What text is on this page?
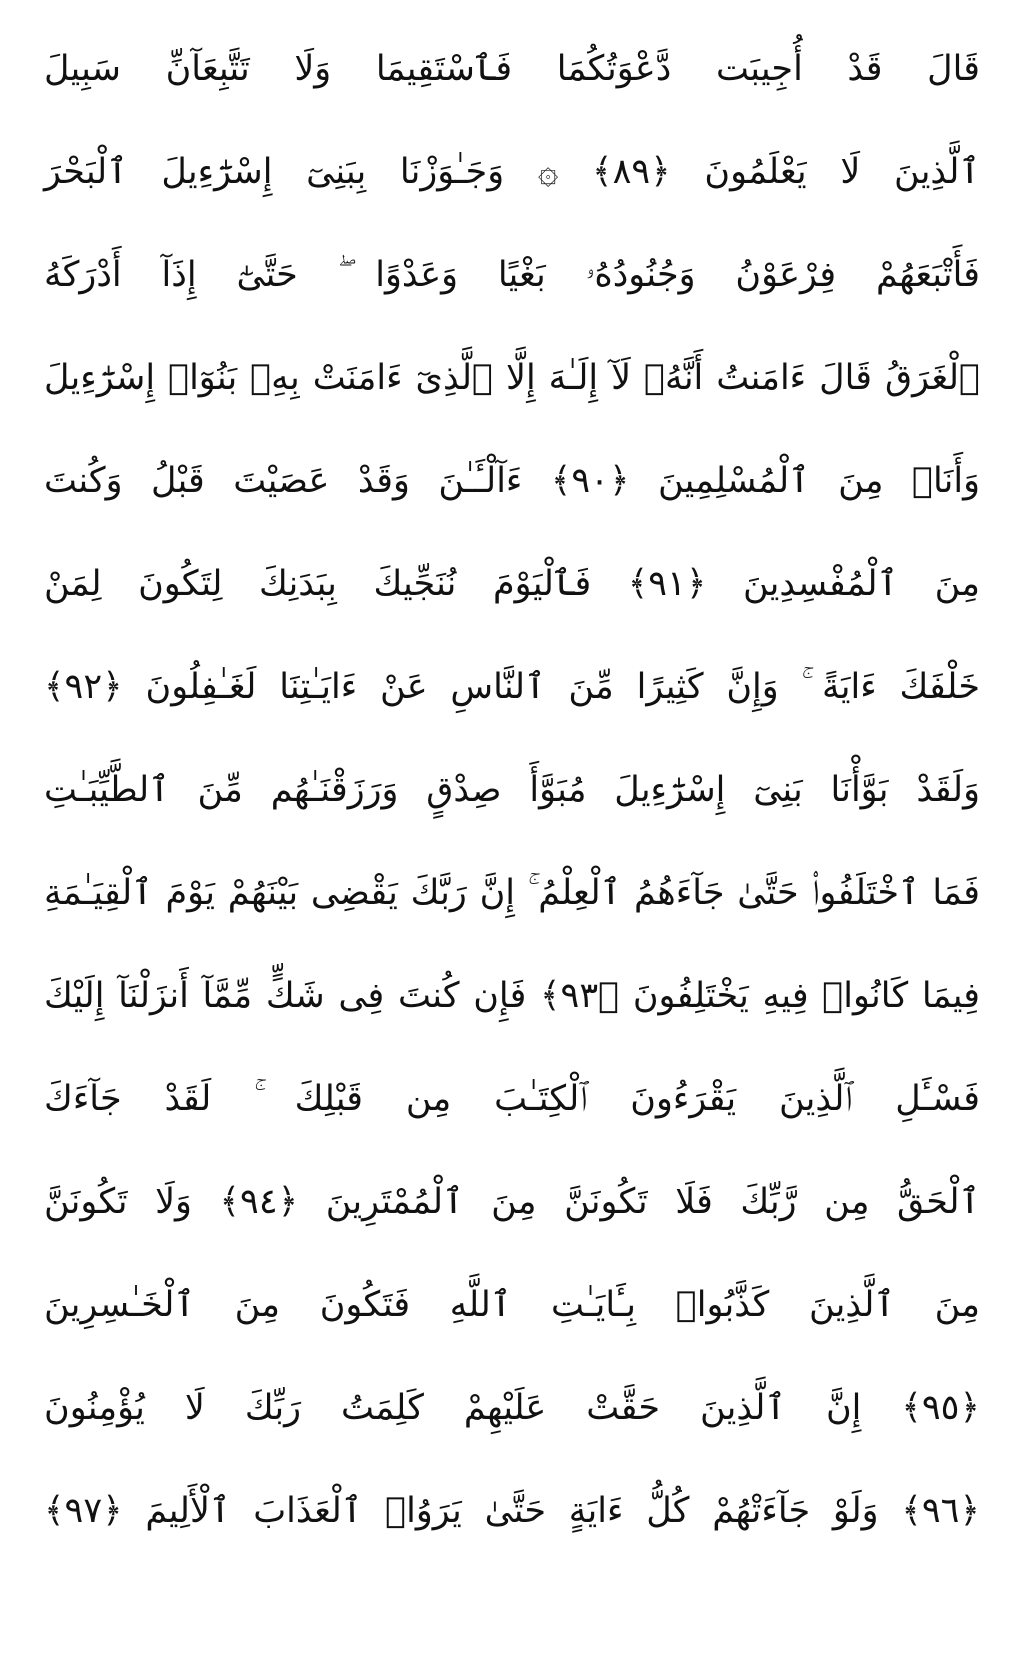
قَالَ قَدْ أُجِيبَت دَّعْوَتُكُمَا فَٱسْتَقِيمَا وَلَا تَتَّبِعَآنِّ سَبِيلَ
ٱلَّذِينَ لَا يَعْلَمُونَ ﴿٨٩﴾ ۞ وَجَـٰوَزْنَا بِبَنِىٓ إِسْرَٰٓءِيلَ ٱلْبَحْرَ
فَأَتْبَعَهُمْ فِرْعَوْنُ وَجُنُودُهُۥ بَغْيًا وَعَدْوًا ۖ حَتَّىٰٓ إِذَآ أَدْرَكَهُ
ٱلْغَرَقُ قَالَ ءَامَنتُ أَنَّهُۥ لَآ إِلَـٰهَ إِلَّا ٱلَّذِىٓ ءَامَنَتْ بِهِۦ بَنُوٓا۟ إِسْرَٰٓءِيلَ
وَأَنَا۠ مِنَ ٱلْمُسْلِمِينَ ﴿٩٠﴾ ءَآلْـَٔـٰنَ وَقَدْ عَصَيْتَ قَبْلُ وَكُنتَ
مِنَ ٱلْمُفْسِدِينَ ﴿٩١﴾ فَٱلْيَوْمَ نُنَجِّيكَ بِبَدَنِكَ لِتَكُونَ لِمَنْ
خَلْفَكَ ءَايَةً ۚ وَإِنَّ كَثِيرًا مِّنَ ٱلنَّاسِ عَنْ ءَايَـٰتِنَا لَغَـٰفِلُونَ ﴿٩٢﴾
وَلَقَدْ بَوَّأْنَا بَنِىٓ إِسْرَٰٓءِيلَ مُبَوَّأَ صِدْقٍ وَرَزَقْنَـٰهُم مِّنَ ٱلطَّيِّبَـٰتِ
فَمَا ٱخْتَلَفُوا۟ حَتَّىٰ جَآءَهُمُ ٱلْعِلْمُ ۚ إِنَّ رَبَّكَ يَقْضِى بَيْنَهُمْ يَوْمَ ٱلْقِيَـٰمَةِ
فِيمَا كَانُوا۟ فِيهِ يَخْتَلِفُونَ ﴿٩٣﴾ فَإِن كُنتَ فِى شَكٍّ مِّمَّآ أَنزَلْنَآ إِلَيْكَ
فَسْـَٔلِ ٱلَّذِينَ يَقْرَءُونَ ٱلْكِتَـٰبَ مِن قَبْلِكَ ۚ لَقَدْ جَآءَكَ
ٱلْحَقُّ مِن رَّبِّكَ فَلَا تَكُونَنَّ مِنَ ٱلْمُمْتَرِينَ ﴿٩٤﴾ وَلَا تَكُونَنَّ
مِنَ ٱلَّذِينَ كَذَّبُوا۟ بِـَٔايَـٰتِ ٱللَّهِ فَتَكُونَ مِنَ ٱلْخَـٰسِرِينَ
﴿٩٥﴾ إِنَّ ٱلَّذِينَ حَقَّتْ عَلَيْهِمْ كَلِمَتُ رَبِّكَ لَا يُؤْمِنُونَ
﴿٩٦﴾ وَلَوْ جَآءَتْهُمْ كُلُّ ءَايَةٍ حَتَّىٰ يَرَوُا۟ ٱلْعَذَابَ ٱلْأَلِيمَ ﴿٩٧﴾
